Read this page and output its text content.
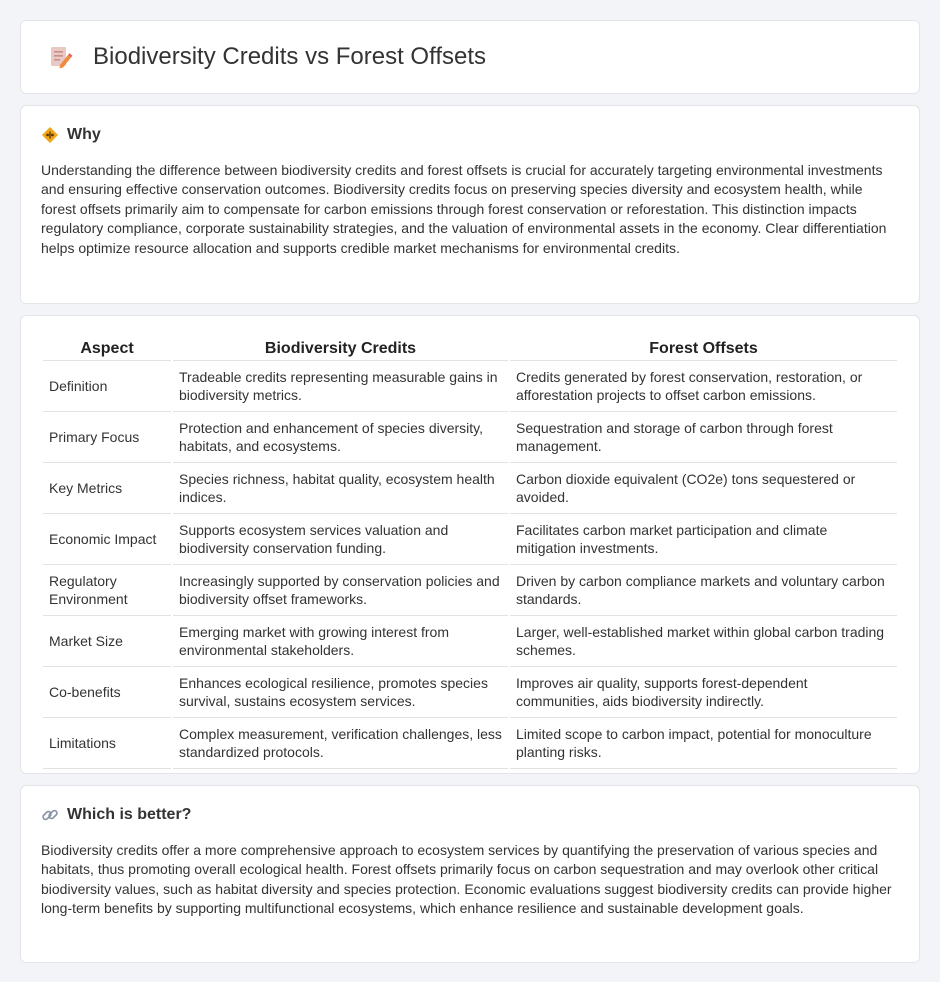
Biodiversity Credits vs Forest Offsets
Why

Understanding the difference between biodiversity credits and forest offsets is crucial for accurately targeting environmental investments and ensuring effective conservation outcomes. Biodiversity credits focus on preserving species diversity and ecosystem health, while forest offsets primarily aim to compensate for carbon emissions through forest conservation or reforestation. This distinction impacts regulatory compliance, corporate sustainability strategies, and the valuation of environmental assets in the economy. Clear differentiation helps optimize resource allocation and supports credible market mechanisms for environmental credits.

Aspect	Biodiversity Credits	Forest Offsets
Definition	Tradeable credits representing measurable gains in biodiversity metrics.	Credits generated by forest conservation, restoration, or afforestation projects to offset carbon emissions.
Primary Focus	Protection and enhancement of species diversity, habitats, and ecosystems.	Sequestration and storage of carbon through forest management.
Key Metrics	Species richness, habitat quality, ecosystem health indices.	Carbon dioxide equivalent (CO2e) tons sequestered or avoided.
Economic Impact	Supports ecosystem services valuation and biodiversity conservation funding.	Facilitates carbon market participation and climate mitigation investments.
Regulatory Environment	Increasingly supported by conservation policies and biodiversity offset frameworks.	Driven by carbon compliance markets and voluntary carbon standards.
Market Size	Emerging market with growing interest from environmental stakeholders.	Larger, well-established market within global carbon trading schemes.
Co-benefits	Enhances ecological resilience, promotes species survival, sustains ecosystem services.	Improves air quality, supports forest-dependent communities, aids biodiversity indirectly.
Limitations	Complex measurement, verification challenges, less standardized protocols.	Limited scope to carbon impact, potential for monoculture planting risks.
Which is better?

Biodiversity credits offer a more comprehensive approach to ecosystem services by quantifying the preservation of various species and habitats, thus promoting overall ecological health. Forest offsets primarily focus on carbon sequestration and may overlook other critical biodiversity values, such as habitat diversity and species protection. Economic evaluations suggest biodiversity credits can provide higher long-term benefits by supporting multifunctional ecosystems, which enhance resilience and sustainable development goals.
